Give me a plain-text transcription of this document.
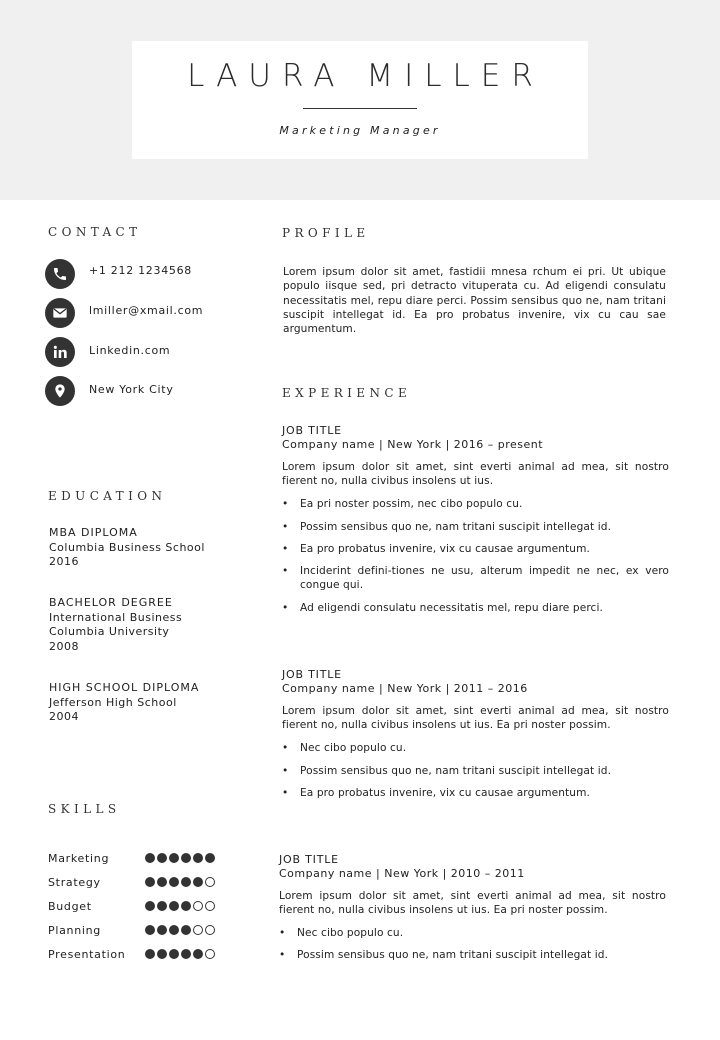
LAURA MILLER
Marketing Manager
CONTACT
+1 212 1234568
lmiller@xmail.com
Linkedin.com
New York City
EDUCATION
MBA DIPLOMA
Columbia Business School
2016
BACHELOR DEGREE
International Business
Columbia University
2008
HIGH SCHOOL DIPLOMA
Jefferson High School
2004
SKILLS
Marketing
Strategy
Budget
Planning
Presentation
PROFILE
Lorem ipsum dolor sit amet, fastidii mnesa rchum ei pri. Ut ubique populo iisque sed, pri detracto vituperata cu. Ad eligendi consulatu necessitatis mel, repu diare perci. Possim sensibus quo ne, nam tritani suscipit intellegat id. Ea pro probatus invenire, vix cu cau sae argumentum.
EXPERIENCE
JOB TITLE
Company name | New York | 2016 – present
Lorem ipsum dolor sit amet, sint everti animal ad mea, sit nostro fierent no, nulla civibus insolens ut ius.
• Ea pri noster possim, nec cibo populo cu.
• Possim sensibus quo ne, nam tritani suscipit intellegat id.
• Ea pro probatus invenire, vix cu causae argumentum.
• Inciderint defini-tiones ne usu, alterum impedit ne nec, ex vero congue qui.
• Ad eligendi consulatu necessitatis mel, repu diare perci.
JOB TITLE
Company name | New York | 2011 – 2016
Lorem ipsum dolor sit amet, sint everti animal ad mea, sit nostro fierent no, nulla civibus insolens ut ius. Ea pri noster possim.
• Nec cibo populo cu.
• Possim sensibus quo ne, nam tritani suscipit intellegat id.
• Ea pro probatus invenire, vix cu causae argumentum.
JOB TITLE
Company name | New York | 2010 – 2011
Lorem ipsum dolor sit amet, sint everti animal ad mea, sit nostro fierent no, nulla civibus insolens ut ius. Ea pri noster possim.
• Nec cibo populo cu.
• Possim sensibus quo ne, nam tritani suscipit intellegat id.
